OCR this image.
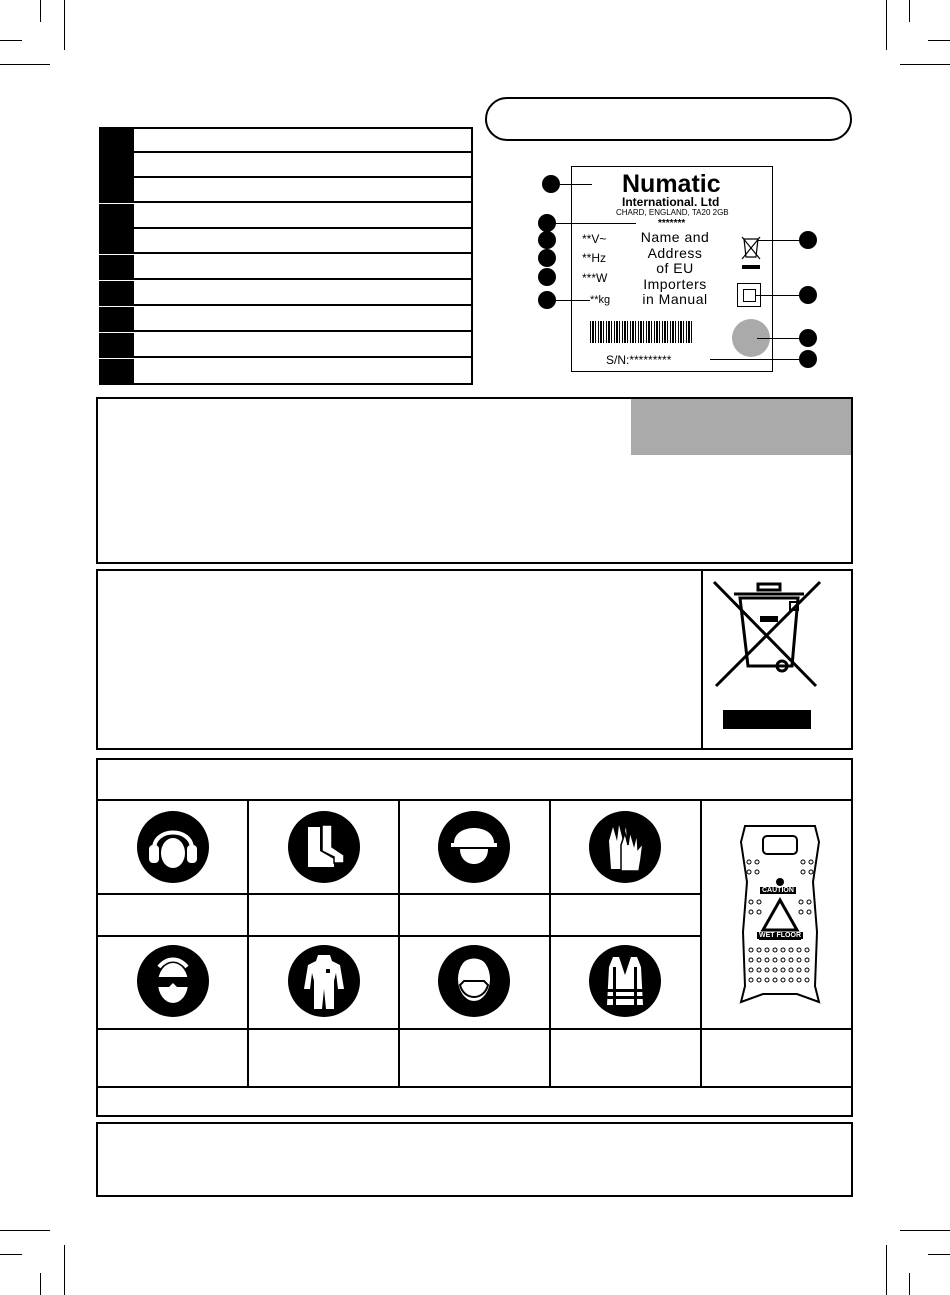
Numatic
International. Ltd
CHARD, ENGLAND, TA20 2GB
*******
**V~
**Hz
***W
**kg
Name and
Address
of EU
Importers
in Manual
S/N:*********
CAUTION
WET FLOOR
